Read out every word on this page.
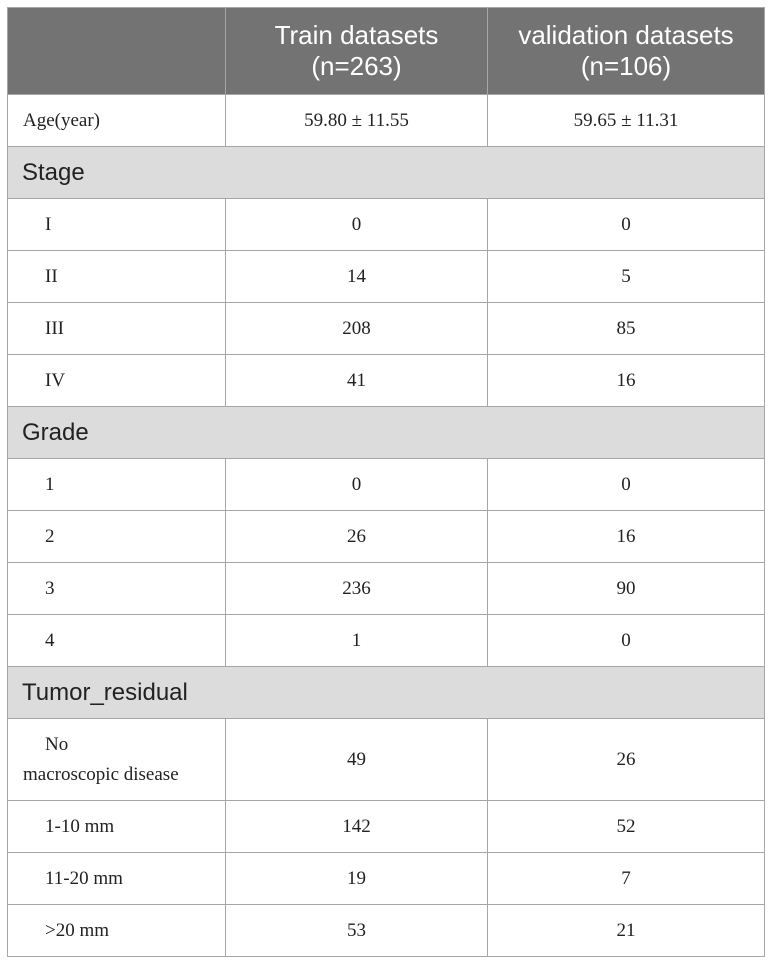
	Train datasets (n=263)	validation datasets (n=106)
Age(year)	59.80 ± 11.55	59.65 ± 11.31
Stage		
I	0	0
II	14	5
III	208	85
IV	41	16
Grade		
1	0	0
2	26	16
3	236	90
4	1	0
Tumor_residual		

No
macroscopic disease	49	26
1-10 mm	142	52
11-20 mm	19	7
>20 mm	53	21
